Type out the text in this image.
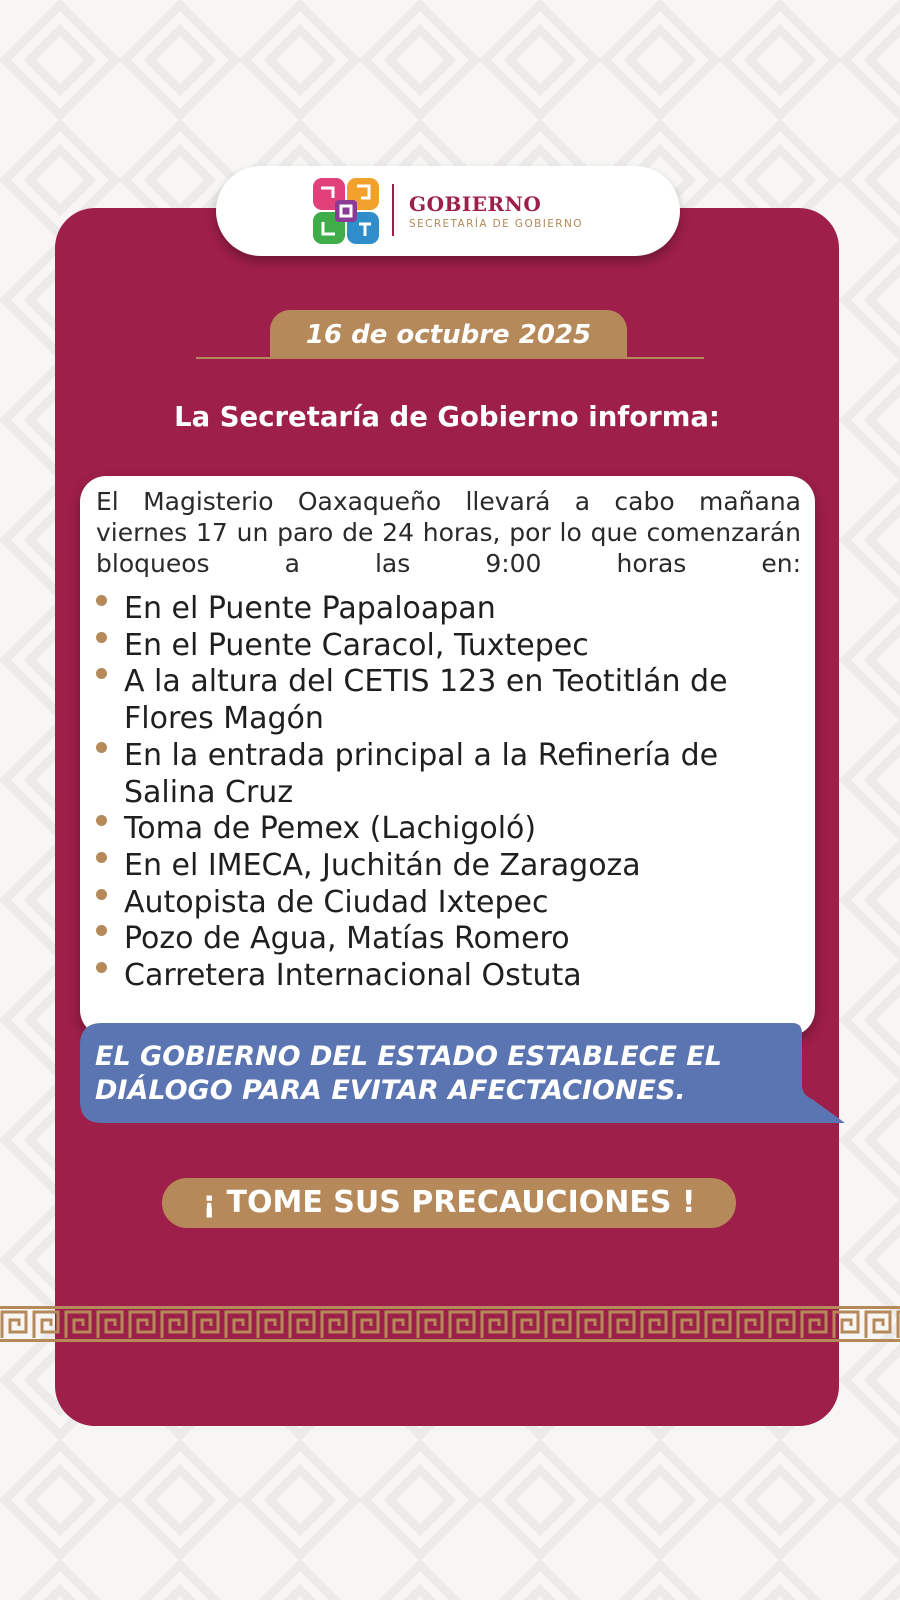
GOBIERNO
SECRETARÍA DE GOBIERNO
16 de octubre 2025
La Secretaría de Gobierno informa:
El Magisterio Oaxaqueño llevará a cabo mañana viernes 17 un paro de 24 horas, por lo que comenzarán bloqueos a las 9:00 horas en:
En el Puente Papaloapan
En el Puente Caracol, Tuxtepec
A la altura del CETIS 123 en Teotitlán de Flores Magón
En la entrada principal a la Refinería de Salina Cruz
Toma de Pemex (Lachigoló)
En el IMECA, Juchitán de Zaragoza
Autopista de Ciudad Ixtepec
Pozo de Agua, Matías Romero
Carretera Internacional Ostuta
EL GOBIERNO DEL ESTADO ESTABLECE EL DIÁLOGO PARA EVITAR AFECTACIONES.
¡ TOME SUS PRECAUCIONES !
